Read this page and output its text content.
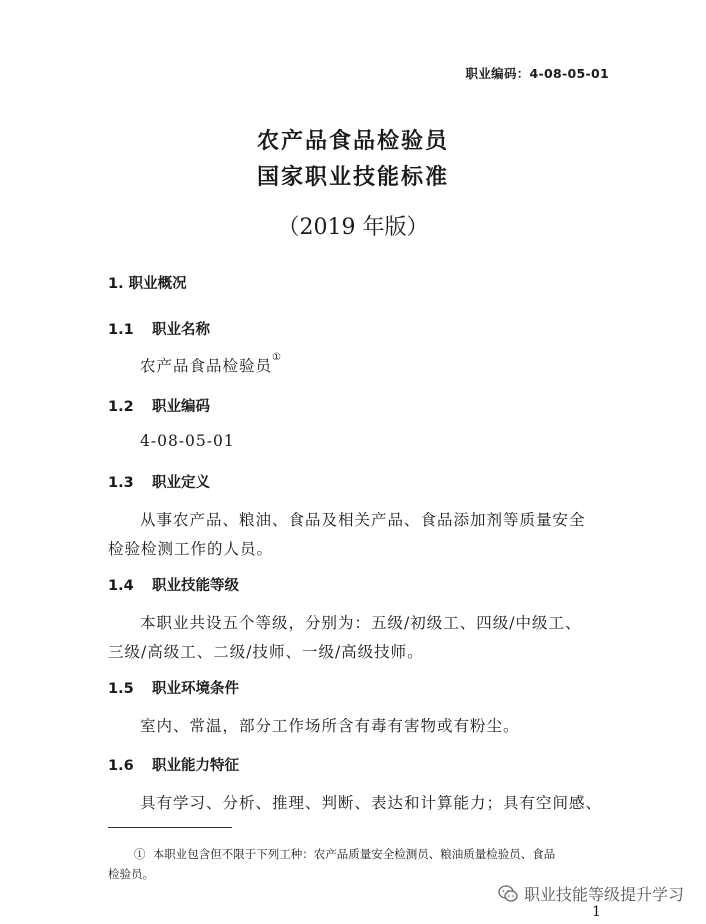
职业编码：4-08-05-01
农产品食品检验员
国家职业技能标准
（2019 年版）
1. 职业概况
1.1 职业名称
农产品食品检验员①
1.2 职业编码
4-08-05-01
1.3 职业定义
从事农产品、粮油、食品及相关产品、食品添加剂等质量安全
检验检测工作的人员。
1.4 职业技能等级
本职业共设五个等级，分别为：五级/初级工、四级/中级工、
三级/高级工、二级/技师、一级/高级技师。
1.5 职业环境条件
室内、常温，部分工作场所含有毒有害物或有粉尘。
1.6 职业能力特征
具有学习、分析、推理、判断、表达和计算能力；具有空间感、
① 本职业包含但不限于下列工种：农产品质量安全检测员、粮油质量检验员、食品
检验员。
职业技能等级提升学习
1
